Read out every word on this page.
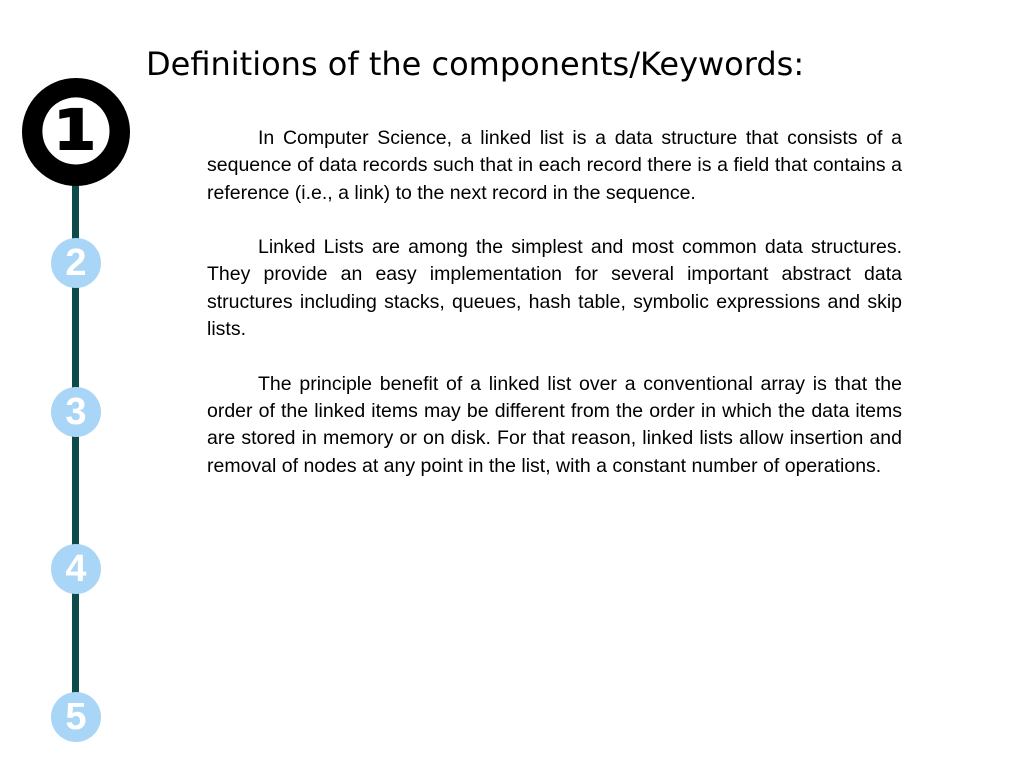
Definitions of the components/Keywords:
❶
2
3
4
5

In Computer Science, a linked list is a data structure that consists of a sequence of data records such that in each record there is a field that contains a reference (i.e., a link) to the next record in the sequence.

Linked Lists are among the simplest and most common data structures. They provide an easy implementation for several important abstract data structures including stacks, queues, hash table, symbolic expressions and skip lists.

The principle benefit of a linked list over a conventional array is that the order of the linked items may be different from the order in which the data items are stored in memory or on disk. For that reason, linked lists allow insertion and removal of nodes at any point in the list, with a constant number of operations.
